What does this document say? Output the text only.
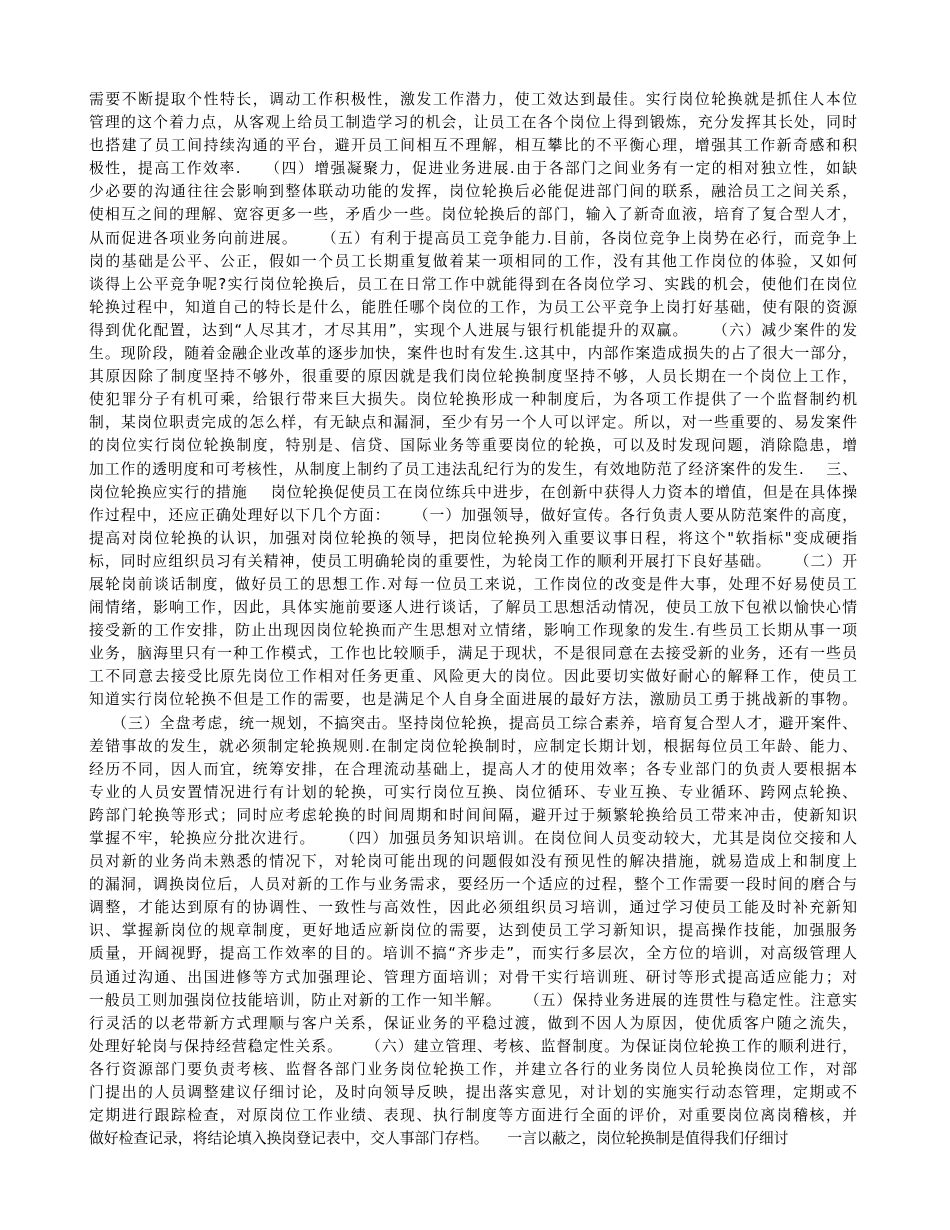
需要不断提取个性特长，调动工作积极性，激发工作潜力，使工效达到最佳。实行岗位轮换就是抓住人本位
管理的这个着力点，从客观上给员工制造学习的机会，让员工在各个岗位上得到锻炼，充分发挥其长处，同时
也搭建了员工间持续沟通的平台，避开员工间相互不理解，相互攀比的不平衡心理，增强其工作新奇感和积
极性，提高工作效率.    （四）增强凝聚力，促进业务进展.由于各部门之间业务有一定的相对独立性，如缺
少必要的沟通往往会影响到整体联动功能的发挥，岗位轮换后必能促进部门间的联系，融洽员工之间关系，
使相互之间的理解、宽容更多一些，矛盾少一些。岗位轮换后的部门，输入了新奇血液，培育了复合型人才，
从而促进各项业务向前进展。    （五）有利于提高员工竞争能力.目前，各岗位竞争上岗势在必行，而竞争上
岗的基础是公平、公正，假如一个员工长期重复做着某一项相同的工作，没有其他工作岗位的体验，又如何
谈得上公平竞争呢?实行岗位轮换后，员工在日常工作中就能得到在各岗位学习、实践的机会，使他们在岗位
轮换过程中，知道自己的特长是什么，能胜任哪个岗位的工作，为员工公平竞争上岗打好基础，使有限的资源
得到优化配置，达到“人尽其才，才尽其用”，实现个人进展与银行机能提升的双赢。    （六）减少案件的发
生。现阶段，随着金融企业改革的逐步加快，案件也时有发生.这其中，内部作案造成损失的占了很大一部分，
其原因除了制度坚持不够外，很重要的原因就是我们岗位轮换制度坚持不够，人员长期在一个岗位上工作，
使犯罪分子有机可乘，给银行带来巨大损失。岗位轮换形成一种制度后，为各项工作提供了一个监督制约机
制，某岗位职责完成的怎么样，有无缺点和漏洞，至少有另一个人可以评定。所以，对一些重要的、易发案件
的岗位实行岗位轮换制度，特别是、信贷、国际业务等重要岗位的轮换，可以及时发现问题，消除隐患，增
加工作的透明度和可考核性，从制度上制约了员工违法乱纪行为的发生，有效地防范了经济案件的发生.    三、
岗位轮换应实行的措施    岗位轮换促使员工在岗位练兵中进步，在创新中获得人力资本的增值，但是在具体操
作过程中，还应正确处理好以下几个方面：    （一）加强领导，做好宣传。各行负责人要从防范案件的高度，
提高对岗位轮换的认识，加强对岗位轮换的领导，把岗位轮换列入重要议事日程，将这个"软指标"变成硬指
标，同时应组织员习有关精神，使员工明确轮岗的重要性，为轮岗工作的顺利开展打下良好基础。    （二）开
展轮岗前谈话制度，做好员工的思想工作.对每一位员工来说，工作岗位的改变是件大事，处理不好易使员工
闹情绪，影响工作，因此，具体实施前要逐人进行谈话，了解员工思想活动情况，使员工放下包袱以愉快心情
接受新的工作安排，防止出现因岗位轮换而产生思想对立情绪，影响工作现象的发生.有些员工长期从事一项
业务，脑海里只有一种工作模式，工作也比较顺手，满足于现状，不是很同意在去接受新的业务，还有一些员
工不同意去接受比原先岗位工作相对任务更重、风险更大的岗位。因此要切实做好耐心的解释工作，使员工
知道实行岗位轮换不但是工作的需要，也是满足个人自身全面进展的最好方法，激励员工勇于挑战新的事物。
（三）全盘考虑，统一规划，不搞突击。坚持岗位轮换，提高员工综合素养，培育复合型人才，避开案件、
差错事故的发生，就必须制定轮换规则.在制定岗位轮换制时，应制定长期计划，根据每位员工年龄、能力、
经历不同，因人而宜，统筹安排，在合理流动基础上，提高人才的使用效率；各专业部门的负责人要根据本
专业的人员安置情况进行有计划的轮换，可实行岗位互换、岗位循环、专业互换、专业循环、跨网点轮换、
跨部门轮换等形式；同时应考虑轮换的时间周期和时间间隔，避开过于频繁轮换给员工带来冲击，使新知识
掌握不牢，轮换应分批次进行。    （四）加强员务知识培训。在岗位间人员变动较大，尤其是岗位交接和人
员对新的业务尚未熟悉的情况下，对轮岗可能出现的问题假如没有预见性的解决措施，就易造成上和制度上
的漏洞，调换岗位后，人员对新的工作与业务需求，要经历一个适应的过程，整个工作需要一段时间的磨合与
调整，才能达到原有的协调性、一致性与高效性，因此必须组织员习培训，通过学习使员工能及时补充新知
识、掌握新岗位的规章制度，更好地适应新岗位的需要，达到使员工学习新知识，提高操作技能，加强服务
质量，开阔视野，提高工作效率的目的。培训不搞“齐步走”，而实行多层次，全方位的培训，对高级管理人
员通过沟通、出国进修等方式加强理论、管理方面培训；对骨干实行培训班、研讨等形式提高适应能力；对
一般员工则加强岗位技能培训，防止对新的工作一知半解。    （五）保持业务进展的连贯性与稳定性。注意实
行灵活的以老带新方式理顺与客户关系，保证业务的平稳过渡，做到不因人为原因，使优质客户随之流失，
处理好轮岗与保持经营稳定性关系。    （六）建立管理、考核、监督制度。为保证岗位轮换工作的顺利进行，
各行资源部门要负责考核、监督各部门业务岗位轮换工作，并建立各行的业务岗位人员轮换岗位工作，对部
门提出的人员调整建议仔细讨论，及时向领导反映，提出落实意见，对计划的实施实行动态管理，定期或不
定期进行跟踪检查，对原岗位工作业绩、表现、执行制度等方面进行全面的评价，对重要岗位离岗稽核，并
做好检查记录，将结论填入换岗登记表中，交人事部门存档。    一言以蔽之，岗位轮换制是值得我们仔细讨
